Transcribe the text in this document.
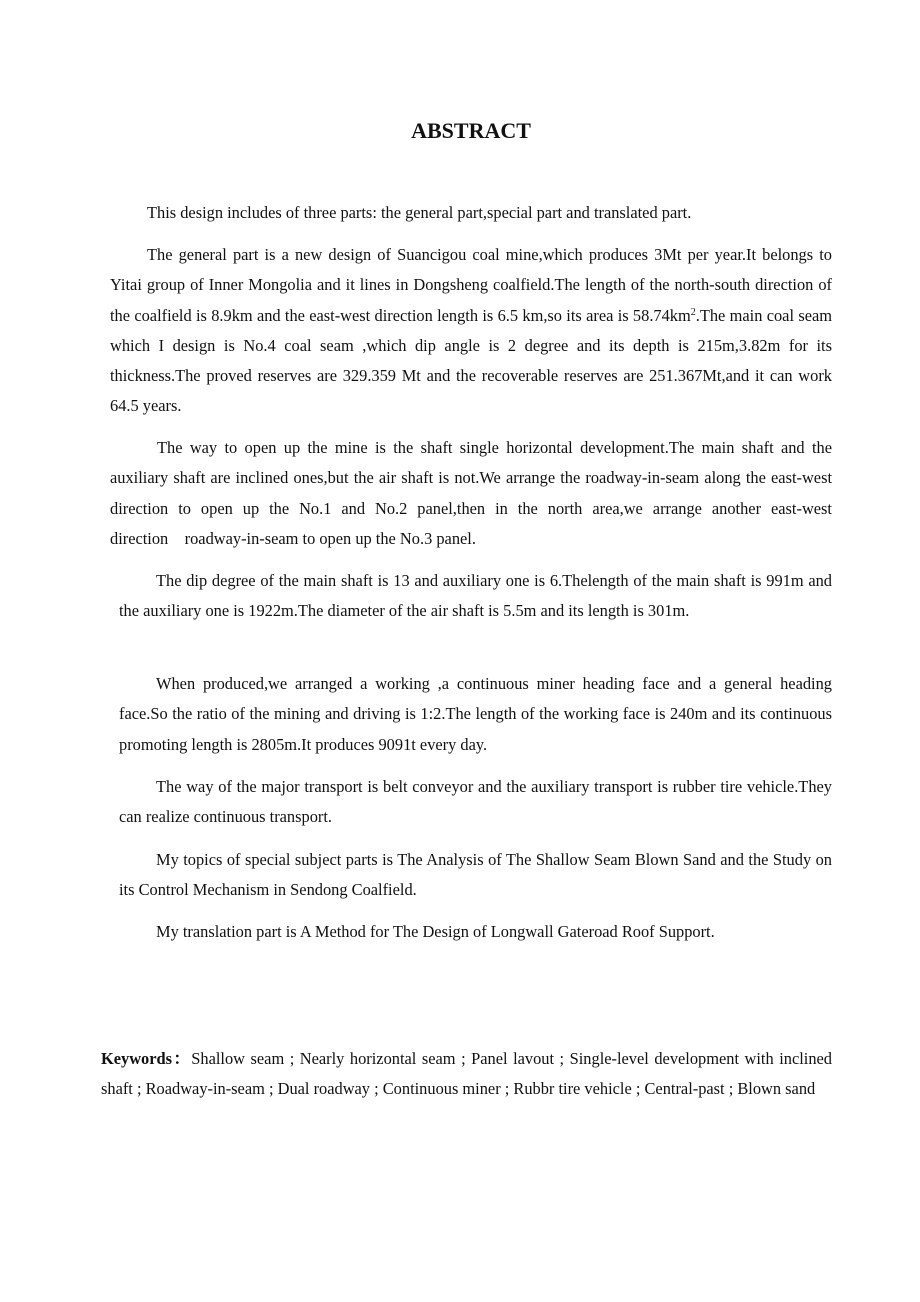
ABSTRACT

This design includes of three parts: the general part,special part and translated part.

The general part is a new design of Suancigou coal mine,which produces 3Mt per year.It belongs to Yitai group of Inner Mongolia and it lines in Dongsheng coalfield.The length of the north-south direction of the coalfield is 8.9km and the east-west direction length is 6.5 km,so its area is $58.74km^2.The$ main coal seam which I design is No.4 coal seam ,which dip angle is 2 degree and its depth is 215m,3.82m for its thickness.The proved reserves are 329.359 Mt and the recoverable reserves are 251.367Mt,and it can work 64.5 years.

The way to open up the mine is the shaft single horizontal development.The main shaft and the auxiliary shaft are inclined ones,but the air shaft is not.We arrange the roadway-in-seam along the east-west direction to open up the No.1 and No.2 panel,then in the north area,we arrange another east-west direction    roadway-in-seam to open up the No.3 panel.

The dip degree of the main shaft is 13 and auxiliary one is 6.Thelength of the main shaft is 991m and the auxiliary one is 1922m.The diameter of the air shaft is 5.5m and its length is 301m.

When produced,we arranged a working ,a continuous miner heading face and a general heading face.So the ratio of the mining and driving is 1:2.The length of the working face is 240m and its continuous promoting length is 2805m.It produces 9091t every day.

The way of the major transport is belt conveyor and the auxiliary transport is rubber tire vehicle.They can realize continuous transport.

My topics of special subject parts is The Analysis of The Shallow Seam Blown Sand and the Study on its Control Mechanism in Sendong Coalfield.

My translation part is A Method for The Design of Longwall Gateroad Roof Support.

Keywords：Shallow seam ; Nearly horizontal seam ; Panel lavout ; Single-level development with inclined shaft ; Roadway-in-seam ; Dual roadway ; Continuous miner ; Rubbr tire vehicle ; Central-past ; Blown sand
